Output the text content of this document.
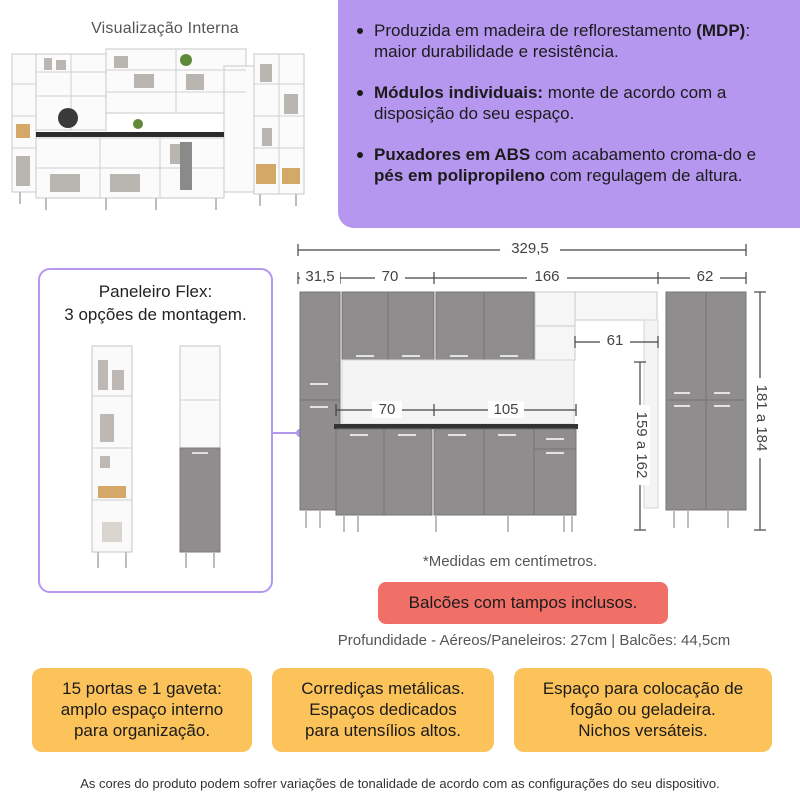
Visualização Interna	Produzida em madeira de reflorestamento (MDP): maior durabilidade e resistência.
Módulos individuais: monte de acordo com a disposição do seu espaço.
Puxadores em ABS com acabamento croma-do e pés em polipropileno com regulagem de altura.
Paneleiro Flex:
3 opções de montagem.
329,5
31,5	70	166	62
61
70	105
159 a 162	181 a 184
*Medidas em centímetros.
Balcões com tampos inclusos.
Profundidade - Aéreos/Paneleiros: 27cm | Balcões: 44,5cm
15 portas e 1 gaveta:
amplo espaço interno
para organização.
Corrediças metálicas.
Espaços dedicados
para utensílios altos.
Espaço para colocação de
fogão ou geladeira.
Nichos versáteis.
As cores do produto podem sofrer variações de tonalidade de acordo com as configurações do seu dispositivo.
